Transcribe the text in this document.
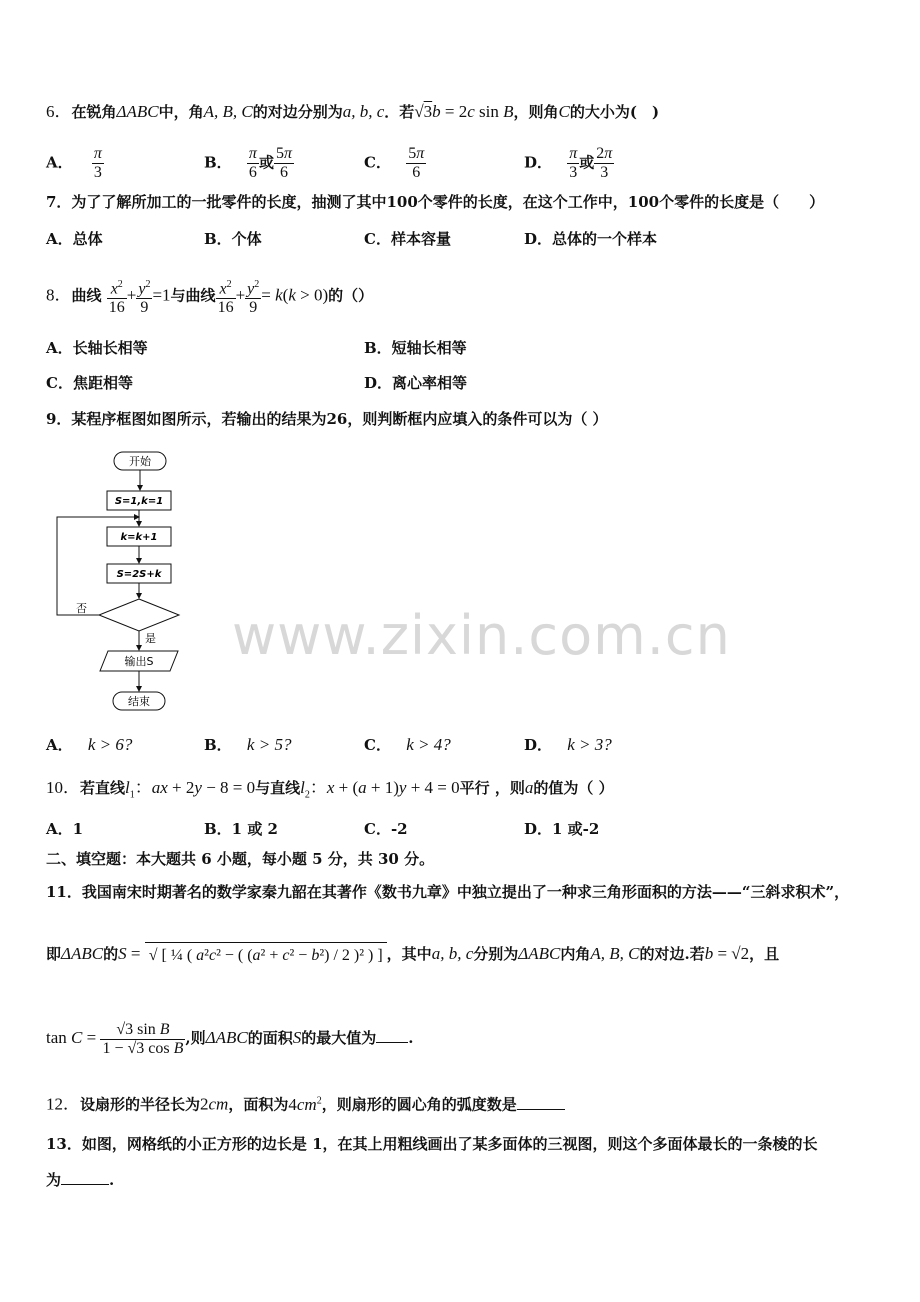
www.zixin.com.cn
6．在锐角ΔABC中，角A, B, C的对边分别为a, b, c．若√3b = 2c sin B，则角C的大小为(　)
A． $\frac{\pi}{3}$	B． $\frac{\pi}{6}$ 或 $\frac{5\pi}{6}$	C． $\frac{5\pi}{6}$	D． $\frac{\pi}{3}$ 或 $\frac{2\pi}{3}$
7．为了了解所加工的一批零件的长度，抽测了其中100个零件的长度，在这个工作中，100个零件的长度是（　　）
A．总体	B．个体	C．样本容量	D．总体的一个样本
8．曲线 $\frac{x^2}{16} + \frac{y^2}{9} =1$与曲线 $\frac{x^2}{16} + \frac{y^2}{9} = k(k > 0)$的（）
A．长轴长相等	B．短轴长相等
C．焦距相等	D．离心率相等
9．某程序框图如图所示，若输出的结果为26，则判断框内应填入的条件可以为（ ）
开始
S=1,k=1
k=k+1
S=2S+k
否
是
输出S
结束
A． k > 6?	B． k > 5?	C． k > 4?	D． k > 3?
10．若直线$l_1$：ax + 2y − 8 = 0与直线$l_2$：x + (a + 1)y + 4 = 0平行 ，则a的值为（ ）
A．1	B．1 或 2	C．-2	D．1 或-2
二、填空题：本大题共 6 小题，每小题 5 分，共 30 分。
11．我国南宋时期著名的数学家秦九韶在其著作《数书九章》中独立提出了一种求三角形面积的方法——“三斜求积术”，
即ΔABC的S = √ [ ¼ ( a²c² − ( (a² + c² − b²) / 2 )² ) ] ，其中a, b, c分别为ΔABC内角A, B, C的对边.若b = √2，且
$\tan C = \frac{\text{√3 sin B}}{\text{1 − √3 cos B}}$ ,则ΔABC的面积S的最大值为 .
12．设扇形的半径长为2cm，面积为$4cm^2$，则扇形的圆心角的弧度数是
13．如图，网格纸的小正方形的边长是 1，在其上用粗线画出了某多面体的三视图，则这个多面体最长的一条棱的长
为	.
